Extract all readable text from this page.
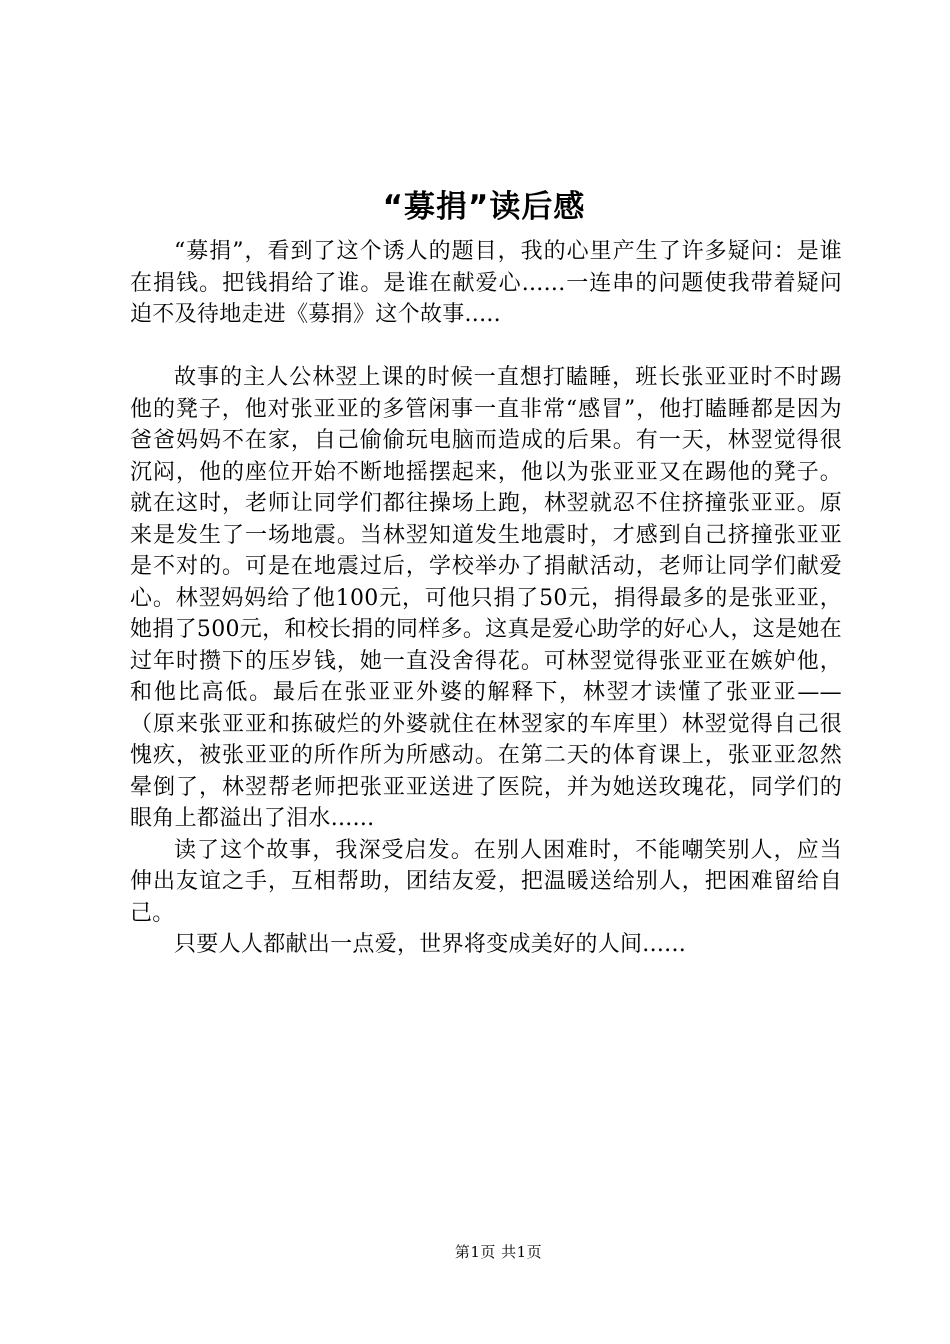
“募捐”读后感

“募捐”，看到了这个诱人的题目，我的心里产生了许多疑问：是谁在捐钱。把钱捐给了谁。是谁在献爱心......一连串的问题使我带着疑问迫不及待地走进《募捐》这个故事.....

故事的主人公林翌上课的时候一直想打瞌睡，班长张亚亚时不时踢他的凳子，他对张亚亚的多管闲事一直非常“感冒”，他打瞌睡都是因为爸爸妈妈不在家，自己偷偷玩电脑而造成的后果。有一天，林翌觉得很沉闷，他的座位开始不断地摇摆起来，他以为张亚亚又在踢他的凳子。就在这时，老师让同学们都往操场上跑，林翌就忍不住挤撞张亚亚。原来是发生了一场地震。当林翌知道发生地震时，才感到自己挤撞张亚亚是不对的。可是在地震过后，学校举办了捐献活动，老师让同学们献爱心。林翌妈妈给了他100元，可他只捐了50元，捐得最多的是张亚亚，她捐了500元，和校长捐的同样多。这真是爱心助学的好心人，这是她在过年时攒下的压岁钱，她一直没舍得花。可林翌觉得张亚亚在嫉妒他，和他比高低。最后在张亚亚外婆的解释下，林翌才读懂了张亚亚——（原来张亚亚和拣破烂的外婆就住在林翌家的车库里）林翌觉得自己很愧疚，被张亚亚的所作所为所感动。在第二天的体育课上，张亚亚忽然晕倒了，林翌帮老师把张亚亚送进了医院，并为她送玫瑰花，同学们的眼角上都溢出了泪水......

读了这个故事，我深受启发。在别人困难时，不能嘲笑别人，应当伸出友谊之手，互相帮助，团结友爱，把温暖送给别人，把困难留给自己。

只要人人都献出一点爱，世界将变成美好的人间......

第1页 共1页
